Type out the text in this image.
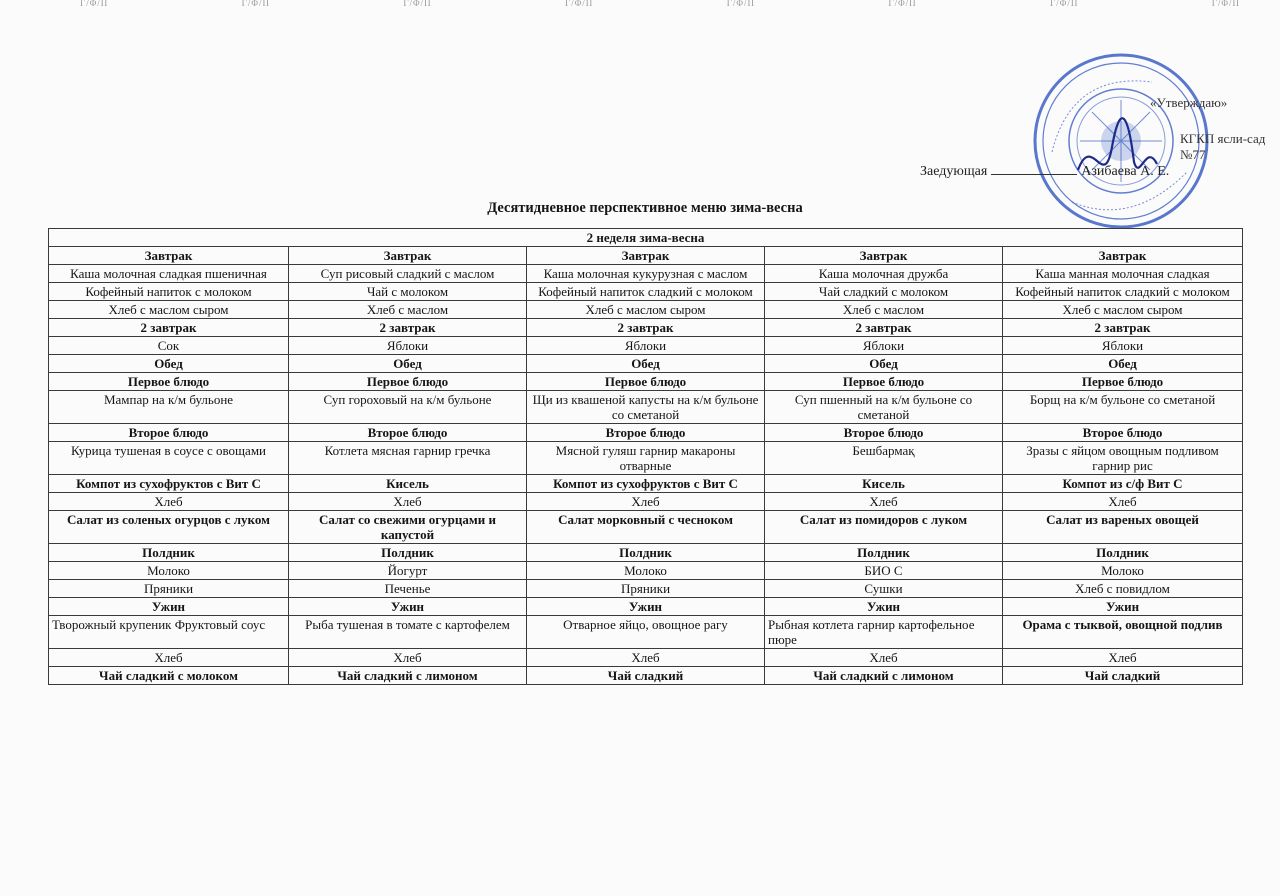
Γ/Φ/Π	Γ/Φ/Π	Γ/Φ/Π	Γ/Φ/Π	Γ/Φ/Π	Γ/Φ/Π	Γ/Φ/Π	Γ/Φ/Π
«Утверждаю»
КГКП ясли-сад №77
Заедующая	Азибаева А. Е.
Десятидневное перспективное меню зима-весна
2 неделя зима-весна				
Завтрак	Завтрак	Завтрак	Завтрак	Завтрак
Каша молочная сладкая пшеничная	Суп рисовый сладкий с маслом	Каша молочная кукурузная с маслом	Каша молочная дружба	Каша манная молочная сладкая
Кофейный напиток с молоком	Чай с молоком	Кофейный напиток сладкий с молоком	Чай сладкий с молоком	Кофейный напиток сладкий с молоком
Хлеб с маслом сыром	Хлеб с маслом	Хлеб с маслом сыром	Хлеб с маслом	Хлеб с маслом сыром
2 завтрак	2 завтрак	2 завтрак	2 завтрак	2 завтрак
Сок	Яблоки	Яблоки	Яблоки	Яблоки
Обед	Обед	Обед	Обед	Обед
Первое блюдо	Первое блюдо	Первое блюдо	Первое блюдо	Первое блюдо
Мампар на к/м бульоне	Суп гороховый на к/м бульоне	Щи из квашеной капусты на к/м бульоне со сметаной	Суп пшенный на к/м бульоне со сметаной	Борщ на к/м бульоне со сметаной
Второе блюдо	Второе блюдо	Второе блюдо	Второе блюдо	Второе блюдо
Курица тушеная в соусе с овощами	Котлета мясная гарнир гречка	Мясной гуляш гарнир макароны отварные	Бешбармақ	Зразы с яйцом овощным подливом гарнир рис
Компот из сухофруктов с Вит С	Кисель	Компот из сухофруктов с Вит С	Кисель	Компот из с/ф Вит С
Хлеб	Хлеб	Хлеб	Хлеб	Хлеб
Салат из соленых огурцов с луком	Салат со свежими огурцами и капустой	Салат морковный с чесноком	Салат из помидоров с луком	Салат из вареных овощей
Полдник	Полдник	Полдник	Полдник	Полдник
Молоко	Йогурт	Молоко	БИО С	Молоко
Пряники	Печенье	Пряники	Сушки	Хлеб с повидлом
Ужин	Ужин	Ужин	Ужин	Ужин
Творожный крупеник Фруктовый соус	Рыба тушеная в томате с картофелем	Отварное яйцо, овощное рагу	Рыбная котлета гарнир картофельное пюре	Орама с тыквой, овощной подлив
Хлеб	Хлеб	Хлеб	Хлеб	Хлеб
Чай сладкий с молоком	Чай сладкий с лимоном	Чай сладкий	Чай сладкий с лимоном	Чай сладкий
